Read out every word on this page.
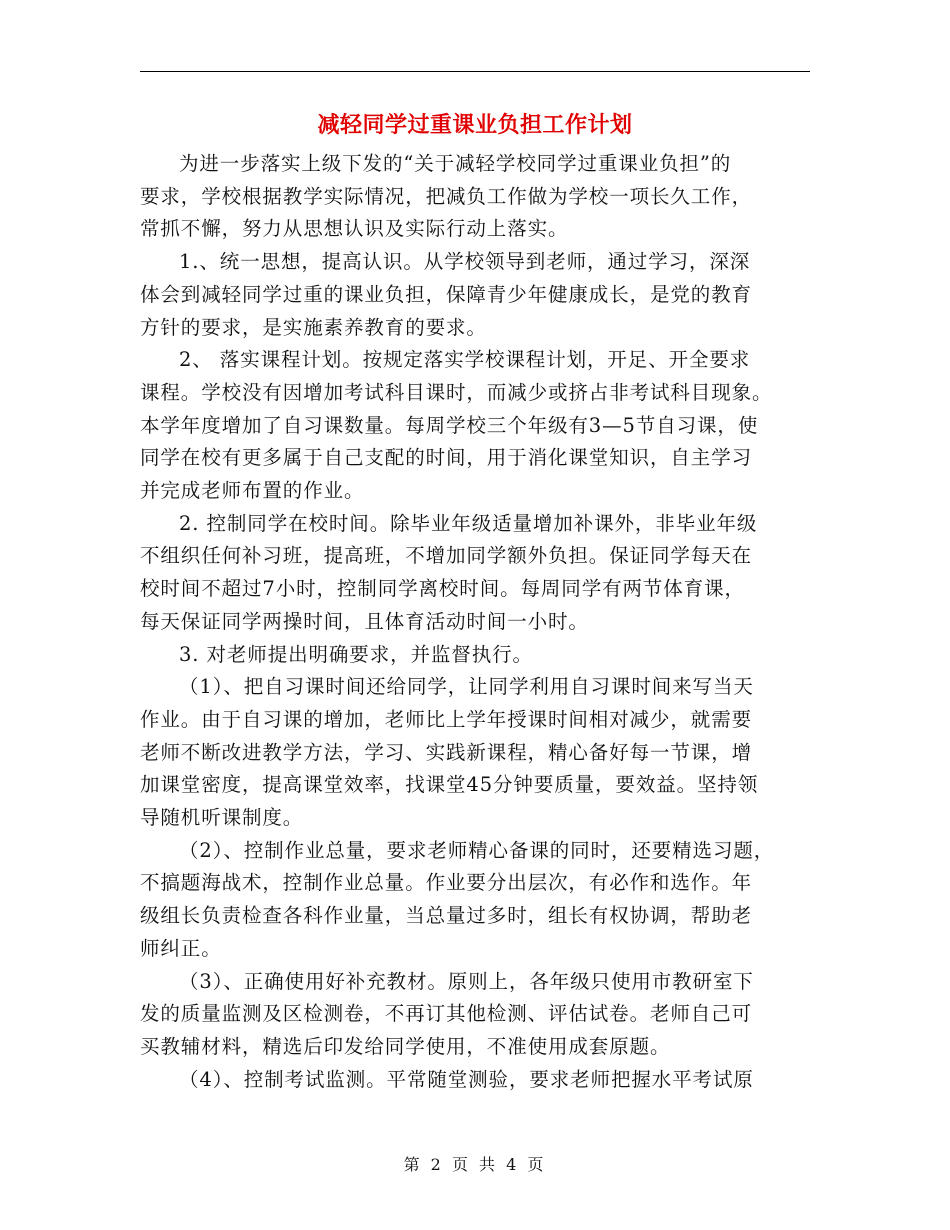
减轻同学过重课业负担工作计划
为进一步落实上级下发的“关于减轻学校同学过重课业负担”的
要求，学校根据教学实际情况，把减负工作做为学校一项长久工作，
常抓不懈，努力从思想认识及实际行动上落实。
1.、统一思想，提高认识。从学校领导到老师，通过学习，深深
体会到减轻同学过重的课业负担，保障青少年健康成长，是党的教育
方针的要求，是实施素养教育的要求。
2、 落实课程计划。按规定落实学校课程计划，开足、开全要求
课程。学校没有因增加考试科目课时，而减少或挤占非考试科目现象。
本学年度增加了自习课数量。每周学校三个年级有3—5节自习课，使
同学在校有更多属于自己支配的时间，用于消化课堂知识，自主学习
并完成老师布置的作业。
2. 控制同学在校时间。除毕业年级适量增加补课外，非毕业年级
不组织任何补习班，提高班，不增加同学额外负担。保证同学每天在
校时间不超过7小时，控制同学离校时间。每周同学有两节体育课，
每天保证同学两操时间，且体育活动时间一小时。
3. 对老师提出明确要求，并监督执行。
（1）、把自习课时间还给同学，让同学利用自习课时间来写当天
作业。由于自习课的增加，老师比上学年授课时间相对减少，就需要
老师不断改进教学方法，学习、实践新课程，精心备好每一节课，增
加课堂密度，提高课堂效率，找课堂45分钟要质量，要效益。坚持领
导随机听课制度。
（2）、控制作业总量，要求老师精心备课的同时，还要精选习题，
不搞题海战术，控制作业总量。作业要分出层次，有必作和选作。年
级组长负责检查各科作业量，当总量过多时，组长有权协调，帮助老
师纠正。
（3）、正确使用好补充教材。原则上，各年级只使用市教研室下
发的质量监测及区检测卷，不再订其他检测、评估试卷。老师自己可
买教辅材料，精选后印发给同学使用，不准使用成套原题。
（4）、控制考试监测。平常随堂测验，要求老师把握水平考试原
第 2 页 共 4 页
